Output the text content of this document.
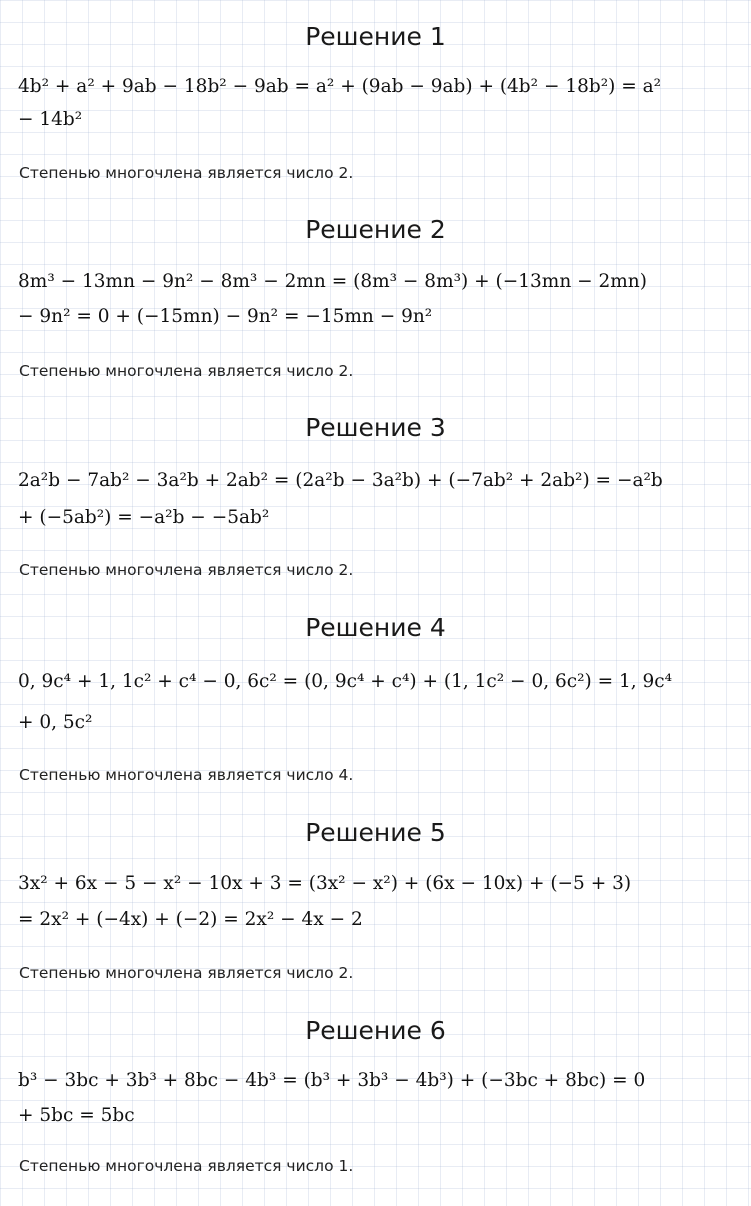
Решение 1
4b² + a² + 9ab − 18b² − 9ab = a² + (9ab − 9ab) + (4b² − 18b²) = a²
− 14b²
Степенью многочлена является число 2.
Решение 2
8m³ − 13mn − 9n² − 8m³ − 2mn = (8m³ − 8m³) + (−13mn − 2mn)
− 9n² = 0 + (−15mn) − 9n² = −15mn − 9n²
Степенью многочлена является число 2.
Решение 3
2a²b − 7ab² − 3a²b + 2ab² = (2a²b − 3a²b) + (−7ab² + 2ab²) = −a²b
+ (−5ab²) = −a²b − −5ab²
Степенью многочлена является число 2.
Решение 4
0, 9c⁴ + 1, 1c² + c⁴ − 0, 6c² = (0, 9c⁴ + c⁴) + (1, 1c² − 0, 6c²) = 1, 9c⁴
+ 0, 5c²
Степенью многочлена является число 4.
Решение 5
3x² + 6x − 5 − x² − 10x + 3 = (3x² − x²) + (6x − 10x) + (−5 + 3)
= 2x² + (−4x) + (−2) = 2x² − 4x − 2
Степенью многочлена является число 2.
Решение 6
b³ − 3bc + 3b³ + 8bc − 4b³ = (b³ + 3b³ − 4b³) + (−3bc + 8bc) = 0
+ 5bc = 5bc
Степенью многочлена является число 1.
